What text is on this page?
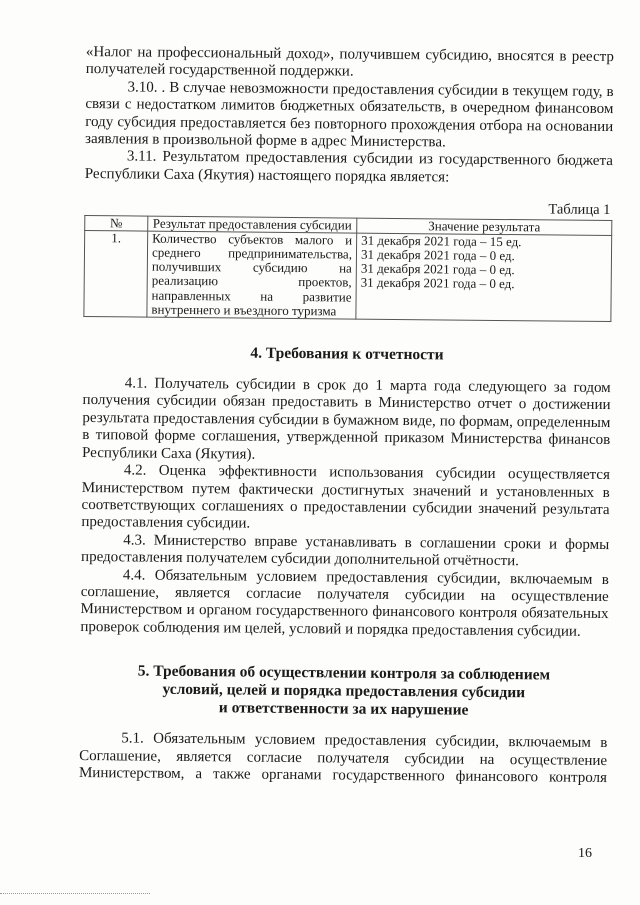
«Налог на профессиональный доход», получившем субсидию, вносятся в реестр получателей государственной поддержки.

3.10. . В случае невозможности предоставления субсидии в текущем году, в связи с недостатком лимитов бюджетных обязательств, в очередном финансовом году субсидия предоставляется без повторного прохождения отбора на основании заявления в произвольной форме в адрес Министерства.

3.11. Результатом предоставления субсидии из государственного бюджета Республики Саха (Якутия) настоящего порядка является:

Таблица 1
№	Результат предоставления субсидии	Значение результата
1.	Количество субъектов малого и среднего предпринимательства, получивших субсидию на реализацию проектов, направленных на развитие внутреннего и въездного туризма	31 декабря 2021 года – 15 ед.
31 декабря 2021 года – 0 ед.
31 декабря 2021 года – 0 ед.
31 декабря 2021 года – 0 ед.
4. Требования к отчетности

4.1. Получатель субсидии в срок до 1 марта года следующего за годом получения субсидии обязан предоставить в Министерство отчет о достижении результата предоставления субсидии в бумажном виде, по формам, определенным в типовой форме соглашения, утвержденной приказом Министерства финансов Республики Саха (Якутия).

4.2. Оценка эффективности использования субсидии осуществляется Министерством путем фактически достигнутых значений и установленных в соответствующих соглашениях о предоставлении субсидии значений результата предоставления субсидии.

4.3. Министерство вправе устанавливать в соглашении сроки и формы предоставления получателем субсидии дополнительной отчётности.

4.4. Обязательным условием предоставления субсидии, включаемым в соглашение, является согласие получателя субсидии на осуществление Министерством и органом государственного финансового контроля обязательных проверок соблюдения им целей, условий и порядка предоставления субсидии.

5. Требования об осуществлении контроля за соблюдением
условий, целей и порядка предоставления субсидии
и ответственности за их нарушение

5.1. Обязательным условием предоставления субсидии, включаемым в Соглашение, является согласие получателя субсидии на осуществление Министерством, а также органами государственного финансового контроля

16
